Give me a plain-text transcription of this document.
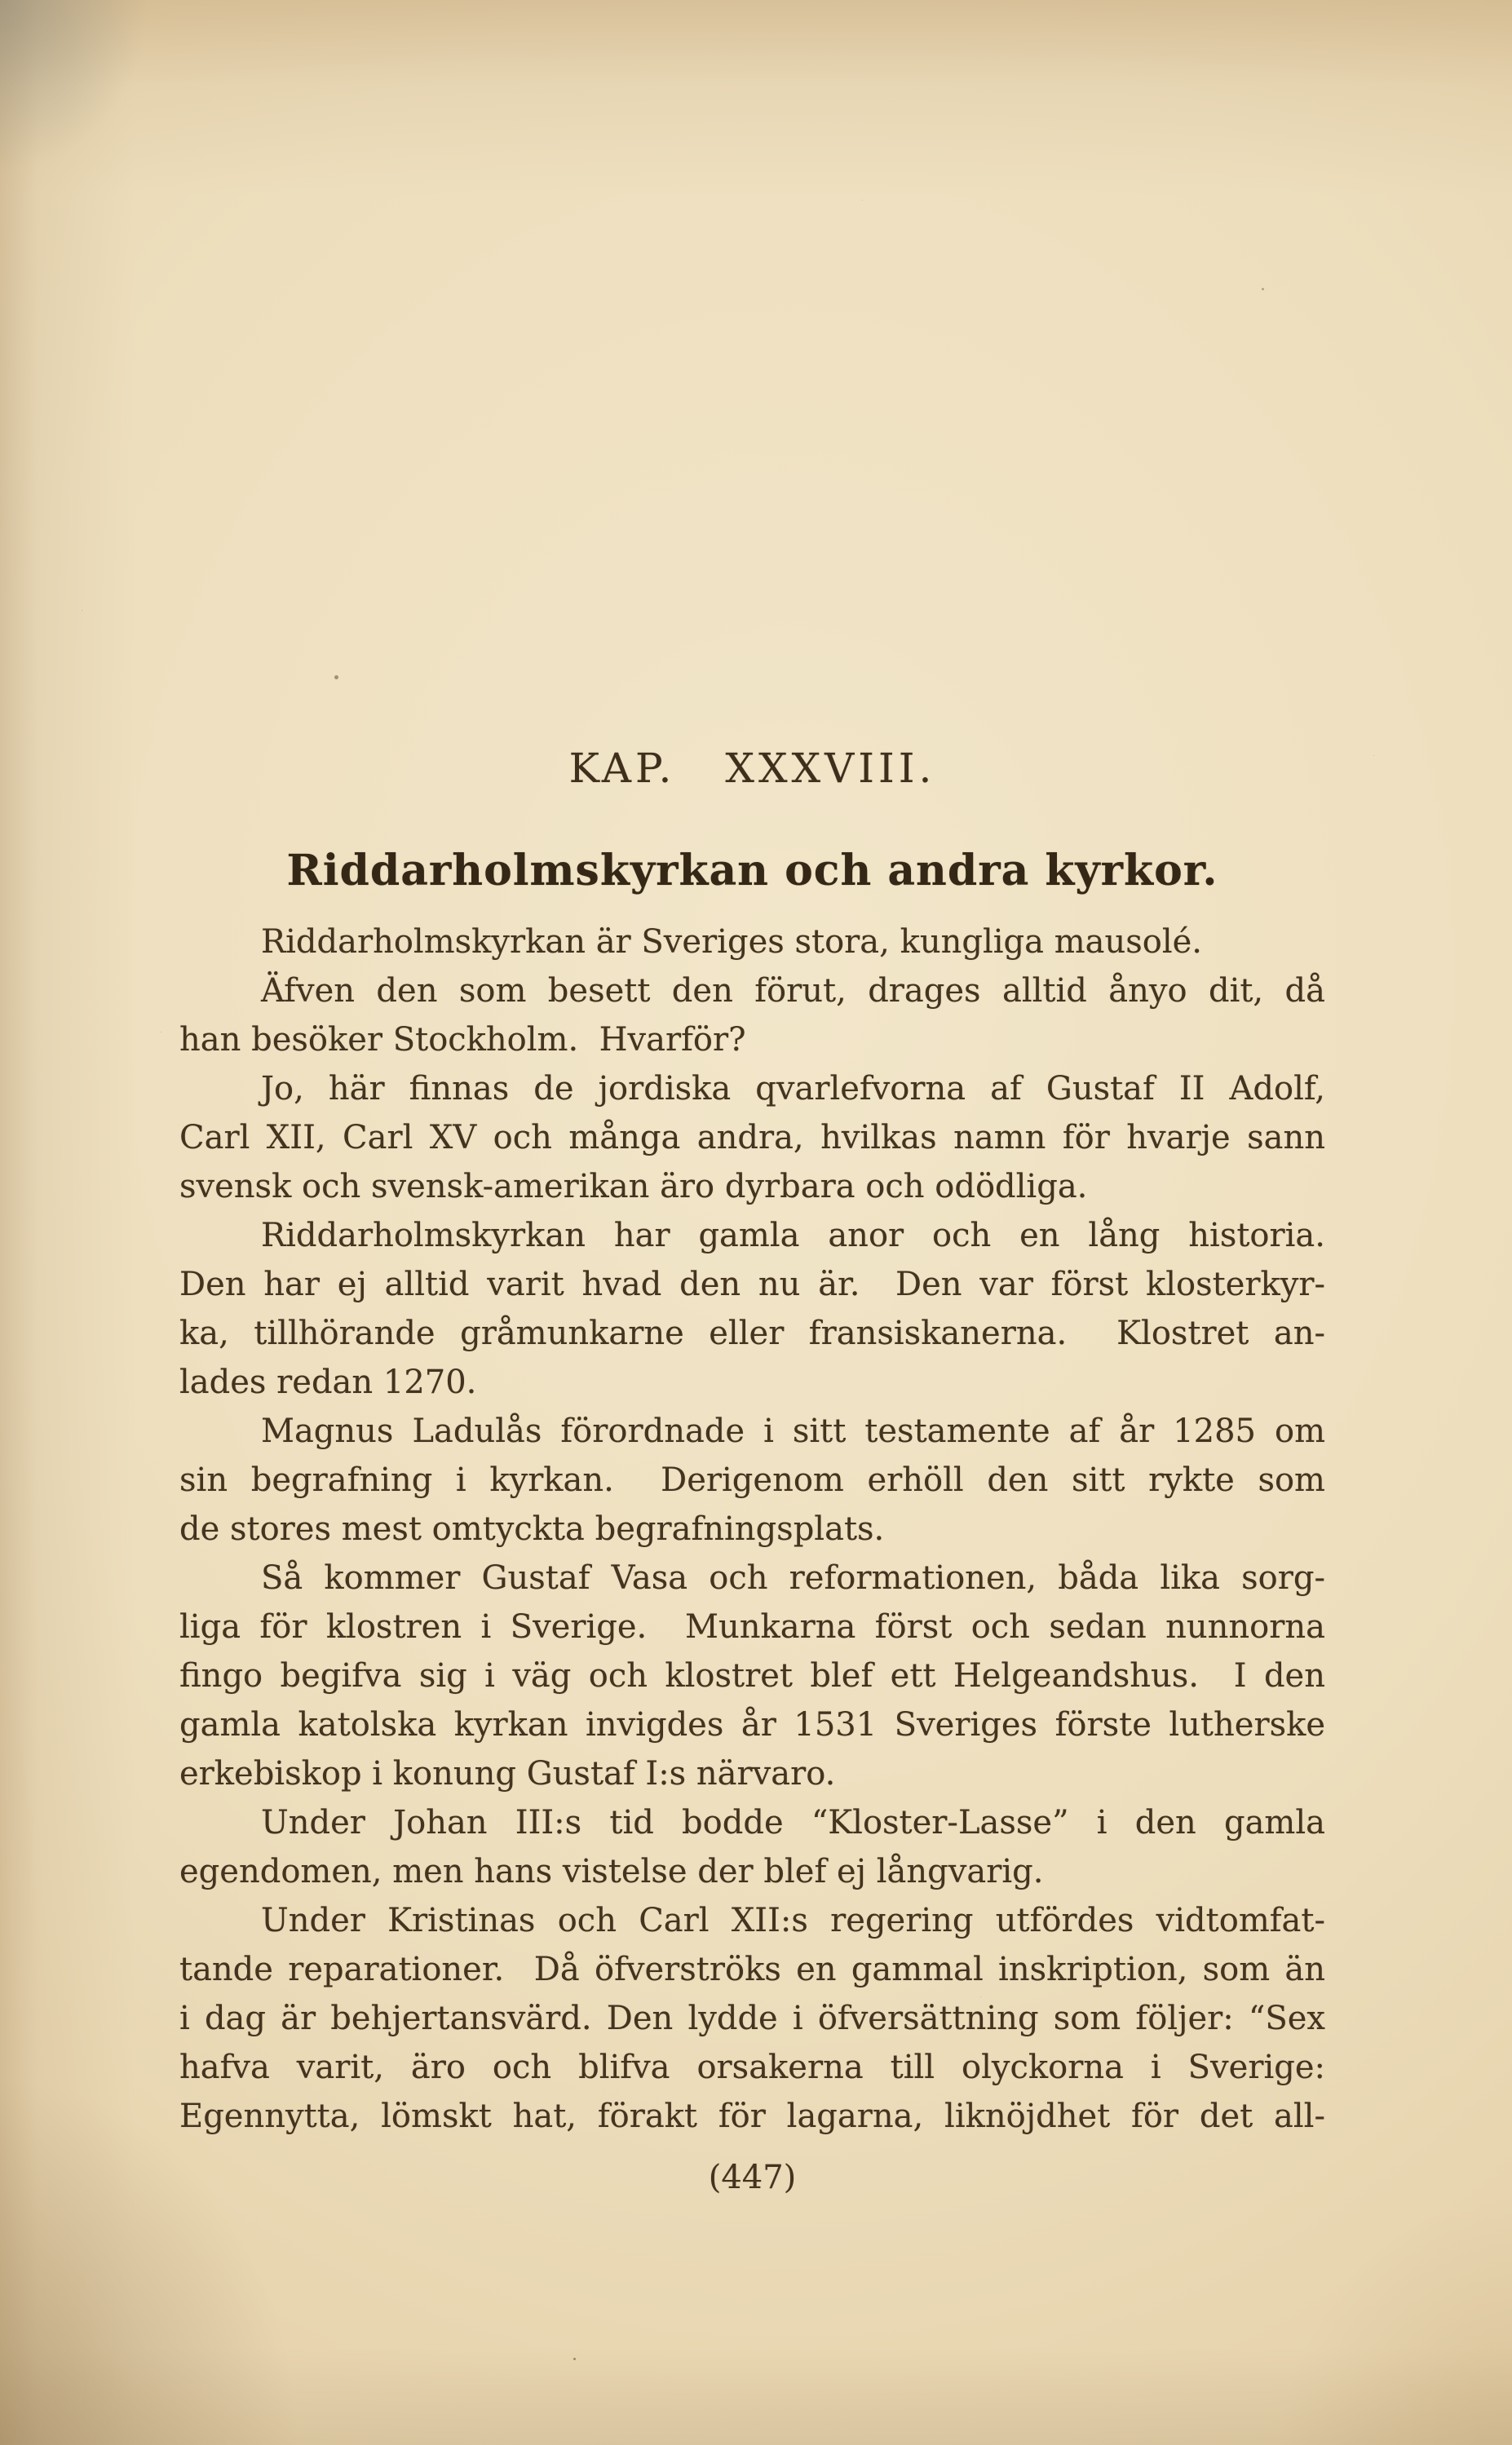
KAP. XXXVIII.
Riddarholmskyrkan och andra kyrkor.
Riddarholmskyrkan är Sveriges stora, kungliga mausolé.
Äfven den som besett den förut, drages alltid ånyo dit, då
han besöker Stockholm.  Hvarför?
Jo, här finnas de jordiska qvarlefvorna af Gustaf II Adolf,
Carl XII, Carl XV och många andra, hvilkas namn för hvarje sann
svensk och svensk-amerikan äro dyrbara och odödliga.
Riddarholmskyrkan har gamla anor och en lång historia.
Den har ej alltid varit hvad den nu är.  Den var först klosterkyr-
ka, tillhörande gråmunkarne eller fransiskanerna.  Klostret an-
lades redan 1270.
Magnus Ladulås förordnade i sitt testamente af år 1285 om
sin begrafning i kyrkan.  Derigenom erhöll den sitt rykte som
de stores mest omtyckta begrafningsplats.
Så kommer Gustaf Vasa och reformationen, båda lika sorg-
liga för klostren i Sverige.  Munkarna först och sedan nunnorna
fingo begifva sig i väg och klostret blef ett Helgeandshus.  I den
gamla katolska kyrkan invigdes år 1531 Sveriges förste lutherske
erkebiskop i konung Gustaf I:s närvaro.
Under Johan III:s tid bodde “Kloster-Lasse” i den gamla
egendomen, men hans vistelse der blef ej långvarig.
Under Kristinas och Carl XII:s regering utfördes vidtomfat-
tande reparationer.  Då öfverströks en gammal inskription, som än
i dag är behjertansvärd. Den lydde i öfversättning som följer: “Sex
hafva varit, äro och blifva orsakerna till olyckorna i Sverige:
Egennytta, lömskt hat, förakt för lagarna, liknöjdhet för det all-
(447)
